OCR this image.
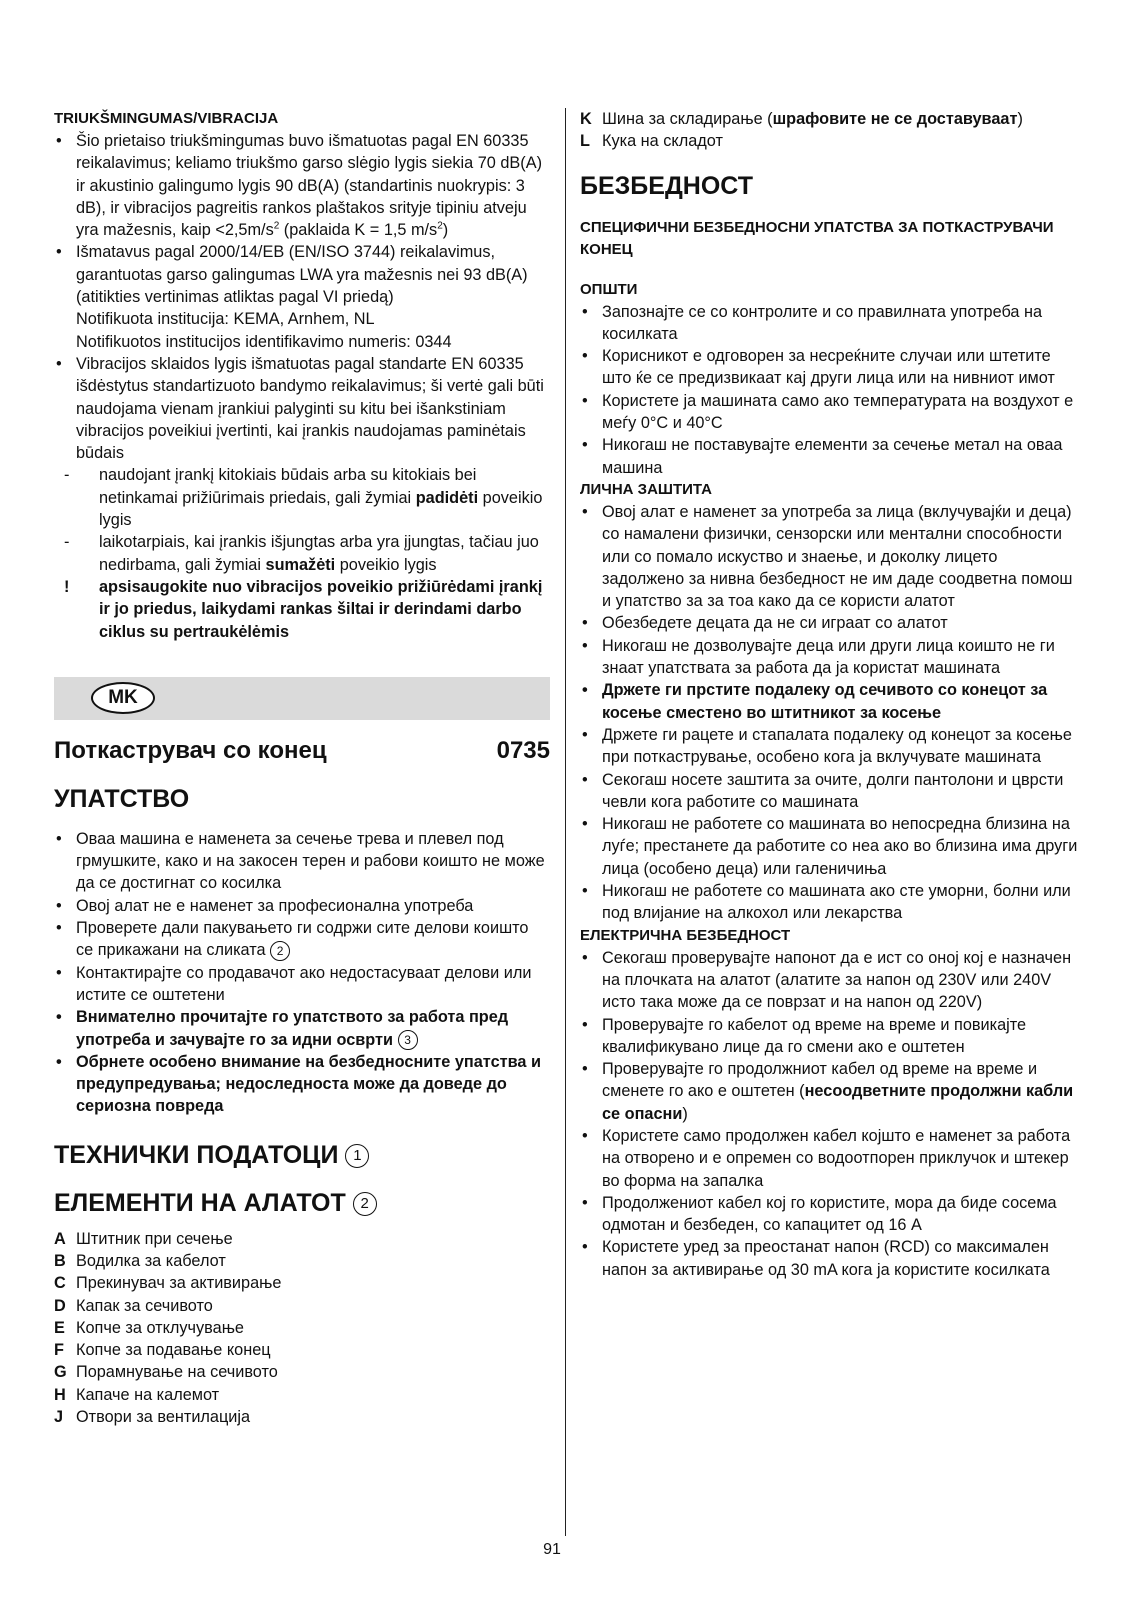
TRIUKŠMINGUMAS/VIBRACIJA
• Šio prietaiso triukšmingumas buvo išmatuotas pagal EN 60335 reikalavimus; keliamo triukšmo garso slėgio lygis siekia 70 dB(A) ir akustinio galingumo lygis 90 dB(A) (standartinis nuokrypis: 3 dB), ir vibracijos pagreitis rankos plaštakos srityje tipiniu atveju yra mažesnis, kaip $<2,5m/s^2$ (paklaida K = 1,5 $m/s^2$)
• Išmatavus pagal 2000/14/EB (EN/ISO 3744) reikalavimus, garantuotas garso galingumas LWA yra mažesnis nei 93 dB(A) (atitikties vertinimas atliktas pagal VI priedą)
Notifikuota institucija: KEMA, Arnhem, NL
Notifikuotos institucijos identifikavimo numeris: 0344
• Vibracijos sklaidos lygis išmatuotas pagal standarte EN 60335 išdėstytus standartizuoto bandymo reikalavimus; ši vertė gali būti naudojama vienam įrankiui palyginti su kitu bei išankstiniam vibracijos poveikiui įvertinti, kai įrankis naudojamas paminėtais būdais
- naudojant įrankį kitokiais būdais arba su kitokiais bei netinkamai prižiūrimais priedais, gali žymiai padidėti poveikio lygis
- laikotarpiais, kai įrankis išjungtas arba yra įjungtas, tačiau juo nedirbama, gali žymiai sumažėti poveikio lygis
! apsisaugokite nuo vibracijos poveikio prižiūrėdami įrankį ir jo priedus, laikydami rankas šiltai ir derindami darbo ciklus su pertraukėlėmis
MK
Поткаструвач со конец	0735
УПАТСТВО
• Оваа машина е наменета за сечење трева и плевел под грмушките, како и на закосен терен и рабови коишто не може да се достигнат со косилка
• Овој алат не е наменет за професионална употреба
• Проверете дали пакувањето ги содржи сите делови коишто се прикажани на сликата 2
• Контактирајте со продавачот ако недостасуваат делови или истите се оштетени
• Внимателно прочитајте го упатството за работа пред употреба и зачувајте го за идни осврти 3
• Обрнете особено внимание на безбедносните упатства и предупредувања; недоследноста може да доведе до сериозна повреда
ТЕХНИЧКИ ПОДАТОЦИ 1
ЕЛЕМЕНТИ НА АЛАТОТ 2
A Штитник при сечење
B Водилка за кабелот
C Прекинувач за активирање
D Капак за сечивото
E Копче за отклучување
F Копче за подавање конец
G Порамнување на сечивото
H Капаче на калемот
J Отвори за вентилација
K Шина за складирање (шрафовите не се доставуваат)
L Кука на складот
БЕЗБЕДНОСТ
СПЕЦИФИЧНИ БЕЗБЕДНОСНИ УПАТСТВА ЗА ПОТКАСТРУВАЧИ КОНЕЦ
ОПШТИ
• Запознајте се со контролите и со правилната употреба на косилката
• Корисникот е одговорен за несреќните случаи или штетите што ќе се предизвикаат кај други лица или на нивниот имот
• Користете ја машината само ако температурата на воздухот е меѓу 0°C и 40°C
• Никогаш не поставувајте елементи за сечење метал на оваа машина
ЛИЧНА ЗАШТИТА
• Овој алат е наменет за употреба за лица (вклучувајќи и деца) со намалени физички, сензорски или ментални способности или со помало искуство и знаење, и доколку лицето задолжено за нивна безбедност не им даде соодветна помош и упатство за за тоа како да се користи алатот
• Обезбедете децата да не си играат со алатот
• Никогаш не дозволувајте деца или други лица коишто не ги знаат упатствата за работа да ја користат машината
• Држете ги прстите подалеку од сечивото со конецот за косење сместено во штитникот за косење
• Држете ги рацете и стапалата подалеку од конецот за косење при поткаструвањe, особено кога ја вклучувате машината
• Секогаш носете заштита за очите, долги пантолони и цврсти чевли кога работите со машината
• Никогаш не работете со машината во непосредна близина на луѓе; престанете да работите со неа ако во близина има други лица (особено деца) или галеничиња
• Никогаш не работете со машината ако сте уморни, болни или под влијание на алкохол или лекарства
ЕЛЕКТРИЧНА БЕЗБЕДНОСТ
• Секогаш проверувајте напонот да е ист со оној кој е назначен на плочката на алатот (алатите за напон од 230V или 240V исто така може да се поврзат и на напон од 220V)
• Проверувајте го кабелот од време на време и повикајте квалификувано лице да го смени ако е оштетен
• Проверувајте го продолжниот кабел од време на време и сменете го ако е оштетен (несоодветните продолжни кабли се опасни)
• Користете само продолжен кабел којшто е наменет за работа на отворено и е опремен со водоотпорен приклучок и штекер во форма на запалка
• Продолжениот кабел кој го користите, мора да биде сосема одмотан и безбеден, со капацитет од 16 A
• Користете уред за преостанат напон (RCD) со максимален напон за активирање од 30 mA кога ја користите косилката
91
